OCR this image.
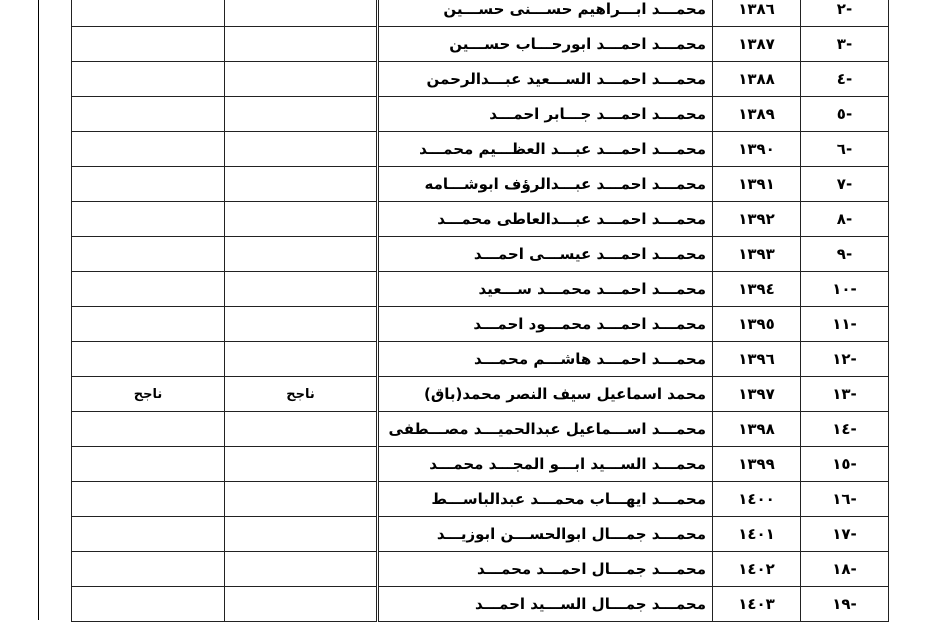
-٢	١٣٨٦	محمـــد ابـــراهيم حســـنى حســـين		
-٣	١٣٨٧	محمـــد احمـــد ابورحـــاب حســـين		
-٤	١٣٨٨	محمـــد احمـــد الســـعيد عبـــدالرحمن		
-٥	١٣٨٩	محمـــد احمـــد جـــابر احمـــد		
-٦	١٣٩٠	محمـــد احمـــد عبـــد العظـــيم محمـــد		
-٧	١٣٩١	محمـــد احمـــد عبـــدالرؤف ابوشـــامه		
-٨	١٣٩٢	محمـــد احمـــد عبـــدالعاطى محمـــد		
-٩	١٣٩٣	محمـــد احمـــد عيســـى احمـــد		
-١٠	١٣٩٤	محمـــد احمـــد محمـــد ســـعيد		
-١١	١٣٩٥	محمـــد احمـــد محمـــود احمـــد		
-١٢	١٣٩٦	محمـــد احمـــد هاشـــم محمـــد		
-١٣	١٣٩٧	محمد اسماعيل سيف النصر محمد(باق)	ناجح	ناجح
-١٤	١٣٩٨	محمـــد اســـماعيل عبدالحميـــد مصـــطفى		
-١٥	١٣٩٩	محمـــد الســـيد ابـــو المجـــد محمـــد		
-١٦	١٤٠٠	محمـــد ايهـــاب محمـــد عبدالباســـط		
-١٧	١٤٠١	محمـــد جمـــال ابوالحســـن ابوزيـــد		
-١٨	١٤٠٢	محمـــد جمـــال احمـــد محمـــد		
-١٩	١٤٠٣	محمـــد جمـــال الســـيد احمـــد		
